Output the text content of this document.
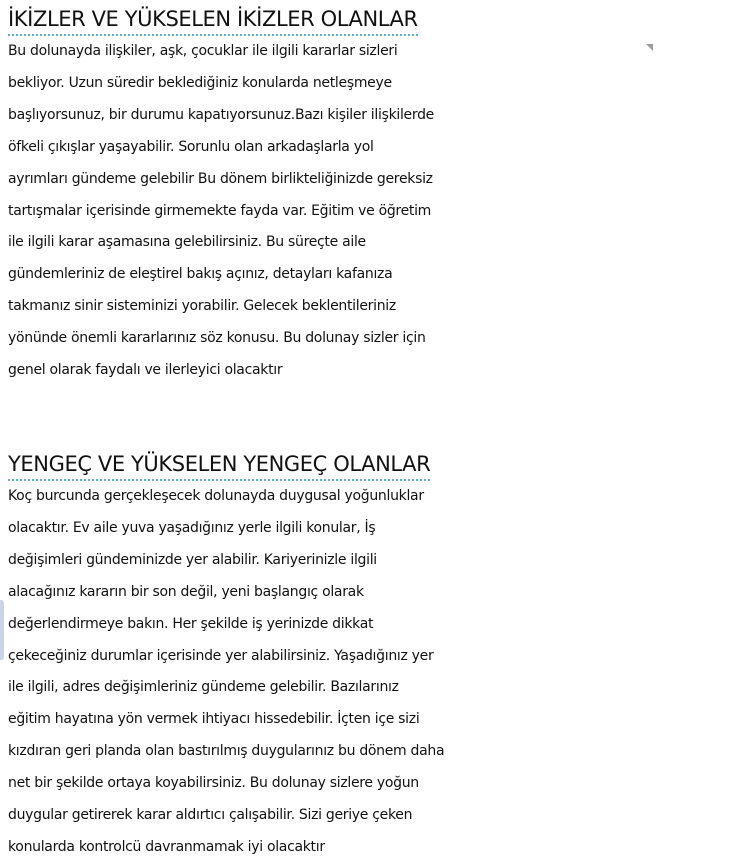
İKİZLER VE YÜKSELEN İKİZLER OLANLAR
Bu dolunayda ilişkiler, aşk, çocuklar ile ilgili kararlar sizleri
bekliyor. Uzun süredir beklediğiniz konularda netleşmeye
başlıyorsunuz, bir durumu kapatıyorsunuz.Bazı kişiler ilişkilerde
öfkeli çıkışlar yaşayabilir. Sorunlu olan arkadaşlarla yol
ayrımları gündeme gelebilir Bu dönem birlikteliğinizde gereksiz
tartışmalar içerisinde girmemekte fayda var. Eğitim ve öğretim
ile ilgili karar aşamasına gelebilirsiniz. Bu süreçte aile
gündemleriniz de eleştirel bakış açınız, detayları kafanıza
takmanız sinir sisteminizi yorabilir. Gelecek beklentileriniz
yönünde önemli kararlarınız söz konusu. Bu dolunay sizler için
genel olarak faydalı ve ilerleyici olacaktır
YENGEÇ VE YÜKSELEN YENGEÇ OLANLAR
Koç burcunda gerçekleşecek dolunayda duygusal yoğunluklar
olacaktır. Ev aile yuva yaşadığınız yerle ilgili konular, İş
değişimleri gündeminizde yer alabilir. Kariyerinizle ilgili
alacağınız kararın bir son değil, yeni başlangıç olarak
değerlendirmeye bakın. Her şekilde iş yerinizde dikkat
çekeceğiniz durumlar içerisinde yer alabilirsiniz. Yaşadığınız yer
ile ilgili, adres değişimleriniz gündeme gelebilir. Bazılarınız
eğitim hayatına yön vermek ihtiyacı hissedebilir. İçten içe sizi
kızdıran geri planda olan bastırılmış duygularınız bu dönem daha
net bir şekilde ortaya koyabilirsiniz. Bu dolunay sizlere yoğun
duygular getirerek karar aldırtıcı çalışabilir. Sizi geriye çeken
konularda kontrolcü davranmamak iyi olacaktır
